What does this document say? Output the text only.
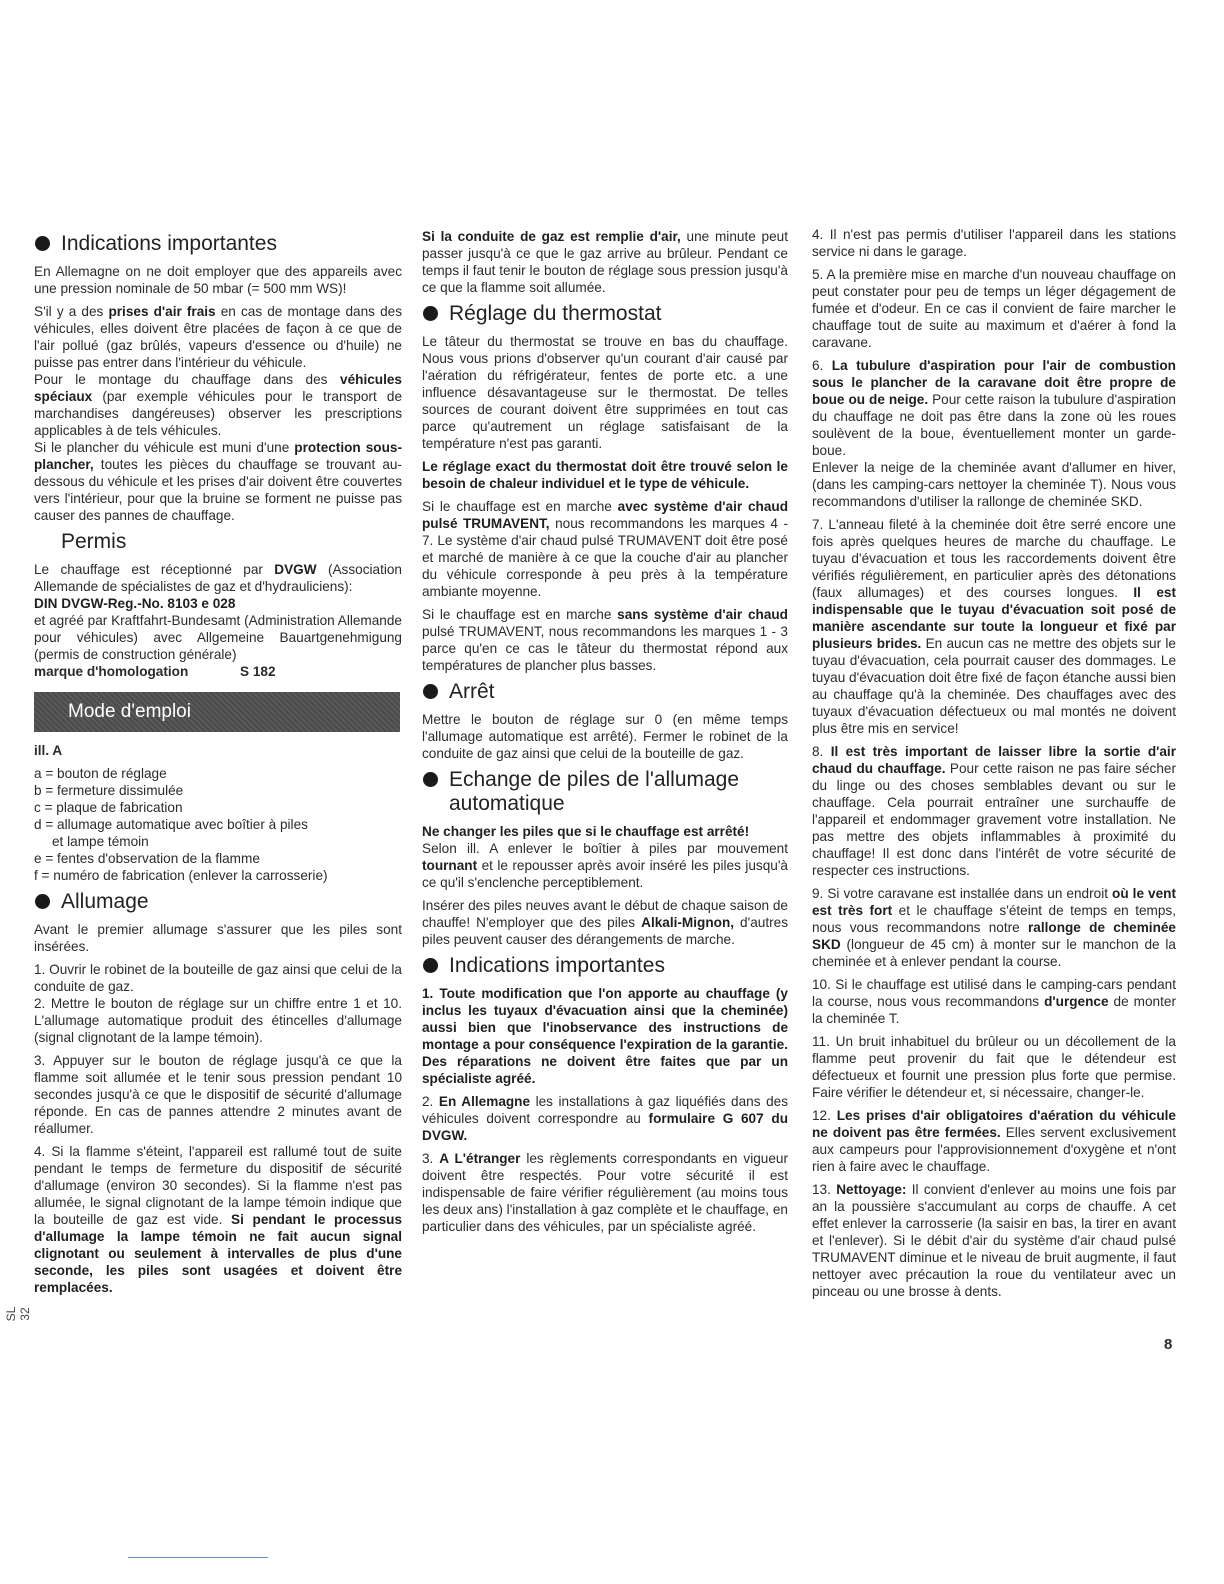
Indications importantes

En Allemagne on ne doit employer que des appareils avec une pression nominale de 50 mbar (= 500 mm WS)!

S'il y a des prises d'air frais en cas de montage dans des véhicules, elles doivent être placées de façon à ce que de l'air pollué (gaz brûlés, vapeurs d'essence ou d'huile) ne puisse pas entrer dans l'intérieur du véhicule.

Pour le montage du chauffage dans des véhicules spéciaux (par exemple véhicules pour le transport de marchandises dangéreuses) observer les prescriptions applicables à de tels véhicules.

Si le plancher du véhicule est muni d'une protection sous-plancher, toutes les pièces du chauffage se trouvant au-dessous du véhicule et les prises d'air doivent être couvertes vers l'intérieur, pour que la bruine se forment ne puisse pas causer des pannes de chauffage.

Permis

Le chauffage est réceptionné par DVGW (Association Allemande de spécialistes de gaz et d'hydrauliciens):
DIN DVGW-Reg.-No. 8103 e 028

et agréé par Kraftfahrt-Bundesamt (Administration Allemande pour véhicules) avec Allgemeine Bauartgenehmigung (permis de construction générale)

marque d'homologation	S 182
Mode d'emploi

ill. A

a = bouton de réglage
b = fermeture dissimulée
c = plaque de fabrication
d = allumage automatique avec boîtier à piles
et lampe témoin
e = fentes d'observation de la flamme
f = numéro de fabrication (enlever la carrosserie)
Allumage

Avant le premier allumage s'assurer que les piles sont insérées.

1. Ouvrir le robinet de la bouteille de gaz ainsi que celui de la conduite de gaz.

2. Mettre le bouton de réglage sur un chiffre entre 1 et 10. L'allumage automatique produit des étincelles d'allumage (signal clignotant de la lampe témoin).

3. Appuyer sur le bouton de réglage jusqu'à ce que la flamme soit allumée et le tenir sous pression pendant 10 secondes jusqu'à ce que le dispositif de sécurité d'allumage réponde. En cas de pannes attendre 2 minutes avant de réallumer.

4. Si la flamme s'éteint, l'appareil est rallumé tout de suite pendant le temps de fermeture du dispositif de sécurité d'allumage (environ 30 secondes). Si la flamme n'est pas allumée, le signal clignotant de la lampe témoin indique que la bouteille de gaz est vide. Si pendant le processus d'allumage la lampe témoin ne fait aucun signal clignotant ou seulement à intervalles de plus d'une seconde, les piles sont usagées et doivent être remplacées.

Si la conduite de gaz est remplie d'air, une minute peut passer jusqu'à ce que le gaz arrive au brûleur. Pendant ce temps il faut tenir le bouton de réglage sous pression jusqu'à ce que la flamme soit allumée.

Réglage du thermostat

Le tâteur du thermostat se trouve en bas du chauffage. Nous vous prions d'observer qu'un courant d'air causé par l'aération du réfrigérateur, fentes de porte etc. a une influence désavantageuse sur le thermostat. De telles sources de courant doivent être supprimées en tout cas parce qu'autrement un réglage satisfaisant de la température n'est pas garanti.

Le réglage exact du thermostat doit être trouvé selon le besoin de chaleur individuel et le type de véhicule.

Si le chauffage est en marche avec système d'air chaud pulsé TRUMAVENT, nous recommandons les marques 4 - 7. Le système d'air chaud pulsé TRUMAVENT doit être posé et marché de manière à ce que la couche d'air au plancher du véhicule corresponde à peu près à la température ambiante moyenne.

Si le chauffage est en marche sans système d'air chaud pulsé TRUMAVENT, nous recommandons les marques 1 - 3 parce qu'en ce cas le tâteur du thermostat répond aux températures de plancher plus basses.

Arrêt

Mettre le bouton de réglage sur 0 (en même temps l'allumage automatique est arrêté). Fermer le robinet de la conduite de gaz ainsi que celui de la bouteille de gaz.

Echange de piles de l'allumage automatique

Ne changer les piles que si le chauffage est arrêté!

Selon ill. A enlever le boîtier à piles par mouvement tournant et le repousser après avoir inséré les piles jusqu'à ce qu'il s'enclenche perceptiblement.

Insérer des piles neuves avant le début de chaque saison de chauffe! N'employer que des piles Alkali-Mignon, d'autres piles peuvent causer des dérangements de marche.

Indications importantes

1. Toute modification que l'on apporte au chauffage (y inclus les tuyaux d'évacuation ainsi que la cheminée) aussi bien que l'inobservance des instructions de montage a pour conséquence l'expiration de la garantie. Des réparations ne doivent être faites que par un spécialiste agréé.

2. En Allemagne les installations à gaz liquéfiés dans des véhicules doivent correspondre au formulaire G 607 du DVGW.

3. A L'étranger les règlements correspondants en vigueur doivent être respectés. Pour votre sécurité il est indispensable de faire vérifier régulièrement (au moins tous les deux ans) l'installation à gaz complète et le chauffage, en particulier dans des véhicules, par un spécialiste agréé.

4. Il n'est pas permis d'utiliser l'appareil dans les stations service ni dans le garage.

5. A la première mise en marche d'un nouveau chauffage on peut constater pour peu de temps un léger dégagement de fumée et d'odeur. En ce cas il convient de faire marcher le chauffage tout de suite au maximum et d'aérer à fond la caravane.

6. La tubulure d'aspiration pour l'air de combustion sous le plancher de la caravane doit être propre de boue ou de neige. Pour cette raison la tubulure d'aspiration du chauffage ne doit pas être dans la zone où les roues soulèvent de la boue, éventuellement monter un garde-boue.

Enlever la neige de la cheminée avant d'allumer en hiver, (dans les camping-cars nettoyer la cheminée T). Nous vous recommandons d'utiliser la rallonge de cheminée SKD.

7. L'anneau fileté à la cheminée doit être serré encore une fois après quelques heures de marche du chauffage. Le tuyau d'évacuation et tous les raccordements doivent être vérifiés régulièrement, en particulier après des détonations (faux allumages) et des courses longues. Il est indispensable que le tuyau d'évacuation soit posé de manière ascendante sur toute la longueur et fixé par plusieurs brides. En aucun cas ne mettre des objets sur le tuyau d'évacuation, cela pourrait causer des dommages. Le tuyau d'évacuation doit être fixé de façon étanche aussi bien au chauffage qu'à la cheminée. Des chauffages avec des tuyaux d'évacuation défectueux ou mal montés ne doivent plus être mis en service!

8. Il est très important de laisser libre la sortie d'air chaud du chauffage. Pour cette raison ne pas faire sécher du linge ou des choses semblables devant ou sur le chauffage. Cela pourrait entraîner une surchauffe de l'appareil et endommager gravement votre installation. Ne pas mettre des objets inflammables à proximité du chauffage! Il est donc dans l'intérêt de votre sécurité de respecter ces instructions.

9. Si votre caravane est installée dans un endroit où le vent est très fort et le chauffage s'éteint de temps en temps, nous vous recommandons notre rallonge de cheminée SKD (longueur de 45 cm) à monter sur le manchon de la cheminée et à enlever pendant la course.

10. Si le chauffage est utilisé dans le camping-cars pendant la course, nous vous recommandons d'urgence de monter la cheminée T.

11. Un bruit inhabituel du brûleur ou un décollement de la flamme peut provenir du fait que le détendeur est défectueux et fournit une pression plus forte que permise. Faire vérifier le détendeur et, si nécessaire, changer-le.

12. Les prises d'air obligatoires d'aération du véhicule ne doivent pas être fermées. Elles servent exclusivement aux campeurs pour l'approvisionnement d'oxygène et n'ont rien à faire avec le chauffage.

13. Nettoyage: Il convient d'enlever au moins une fois par an la poussière s'accumulant au corps de chauffe. A cet effet enlever la carrosserie (la saisir en bas, la tirer en avant et l'enlever). Si le débit d'air du système d'air chaud pulsé TRUMAVENT diminue et le niveau de bruit augmente, il faut nettoyer avec précaution la roue du ventilateur avec un pinceau ou une brosse à dents.

SL 32
8
